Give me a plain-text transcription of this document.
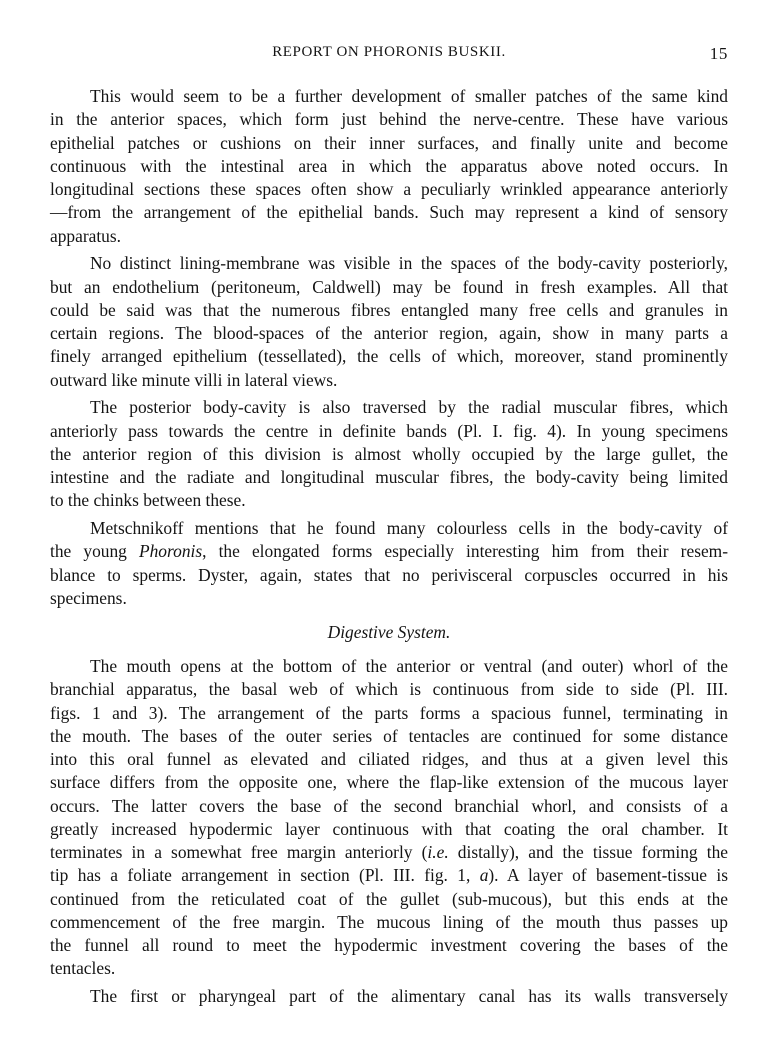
REPORT ON PHORONIS BUSKII.	15

This would seem to be a further development of smaller patches of the same kind
in the anterior spaces, which form just behind the nerve-centre. These have various
epithelial patches or cushions on their inner surfaces, and finally unite and become
continuous with the intestinal area in which the apparatus above noted occurs. In
longitudinal sections these spaces often show a peculiarly wrinkled appearance anteriorly
—from the arrangement of the epithelial bands. Such may represent a kind of sensory
apparatus.

No distinct lining-membrane was visible in the spaces of the body-cavity posteriorly,
but an endothelium (peritoneum, Caldwell) may be found in fresh examples. All that
could be said was that the numerous fibres entangled many free cells and granules in
certain regions. The blood-spaces of the anterior region, again, show in many parts a
finely arranged epithelium (tessellated), the cells of which, moreover, stand prominently
outward like minute villi in lateral views.

The posterior body-cavity is also traversed by the radial muscular fibres, which
anteriorly pass towards the centre in definite bands (Pl. I. fig. 4). In young specimens
the anterior region of this division is almost wholly occupied by the large gullet, the
intestine and the radiate and longitudinal muscular fibres, the body-cavity being limited
to the chinks between these.

Metschnikoff mentions that he found many colourless cells in the body-cavity of
the young Phoronis, the elongated forms especially interesting him from their resem-
blance to sperms. Dyster, again, states that no perivisceral corpuscles occurred in his
specimens.

Digestive System.

The mouth opens at the bottom of the anterior or ventral (and outer) whorl of the
branchial apparatus, the basal web of which is continuous from side to side (Pl. III.
figs. 1 and 3). The arrangement of the parts forms a spacious funnel, terminating in
the mouth. The bases of the outer series of tentacles are continued for some distance
into this oral funnel as elevated and ciliated ridges, and thus at a given level this
surface differs from the opposite one, where the flap-like extension of the mucous layer
occurs. The latter covers the base of the second branchial whorl, and consists of a
greatly increased hypodermic layer continuous with that coating the oral chamber. It
terminates in a somewhat free margin anteriorly (i.e. distally), and the tissue forming the
tip has a foliate arrangement in section (Pl. III. fig. 1, a). A layer of basement-tissue is
continued from the reticulated coat of the gullet (sub-mucous), but this ends at the
commencement of the free margin. The mucous lining of the mouth thus passes up
the funnel all round to meet the hypodermic investment covering the bases of the
tentacles.

The first or pharyngeal part of the alimentary canal has its walls transversely
